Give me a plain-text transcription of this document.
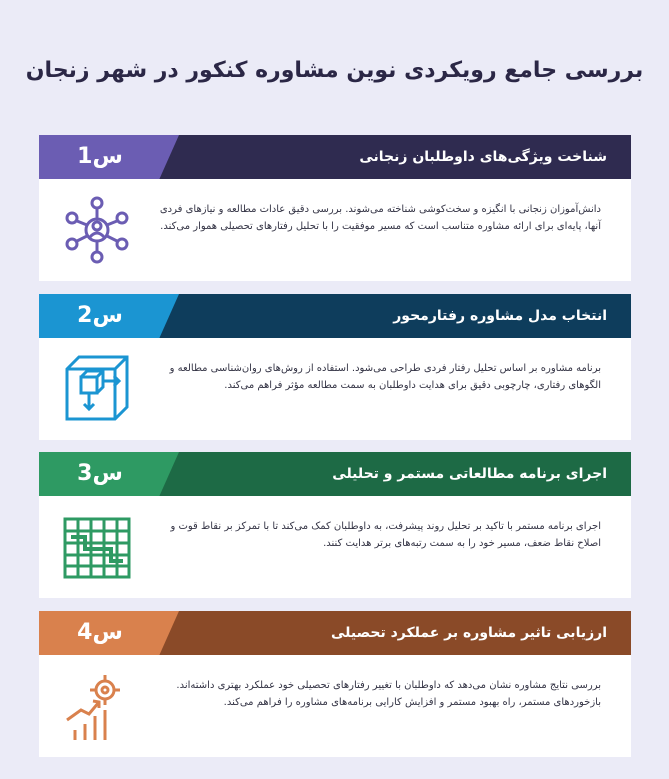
بررسی جامع رویکردی نوین مشاوره کنکور در شهر زنجان
س1	شناخت ویژگی‌های داوطلبان زنجانی
دانش‌آموزان زنجانی با انگیزه و سخت‌کوشی شناخته می‌شوند. بررسی دقیق عادات مطالعه و نیازهای فردی آنها، پایه‌ای برای ارائه مشاوره متناسب است که مسیر موفقیت را با تحلیل رفتارهای تحصیلی هموار می‌کند.
س2	انتخاب مدل مشاوره رفتارمحور
برنامه مشاوره بر اساس تحلیل رفتار فردی طراحی می‌شود. استفاده از روش‌های روان‌شناسی مطالعه و الگوهای رفتاری، چارچوبی دقیق برای هدایت داوطلبان به سمت مطالعه مؤثر فراهم می‌کند.
س3	اجرای برنامه مطالعاتی مستمر و تحلیلی
اجرای برنامه مستمر با تاکید بر تحلیل روند پیشرفت، به داوطلبان کمک می‌کند تا با تمرکز بر نقاط قوت و اصلاح نقاط ضعف، مسیر خود را به سمت رتبه‌های برتر هدایت کنند.
س4	ارزیابی تاثیر مشاوره بر عملکرد تحصیلی
بررسی نتایج مشاوره نشان می‌دهد که داوطلبان با تغییر رفتارهای تحصیلی خود عملکرد بهتری داشته‌اند. بازخوردهای مستمر، راه بهبود مستمر و افزایش کارایی برنامه‌های مشاوره را فراهم می‌کند.
